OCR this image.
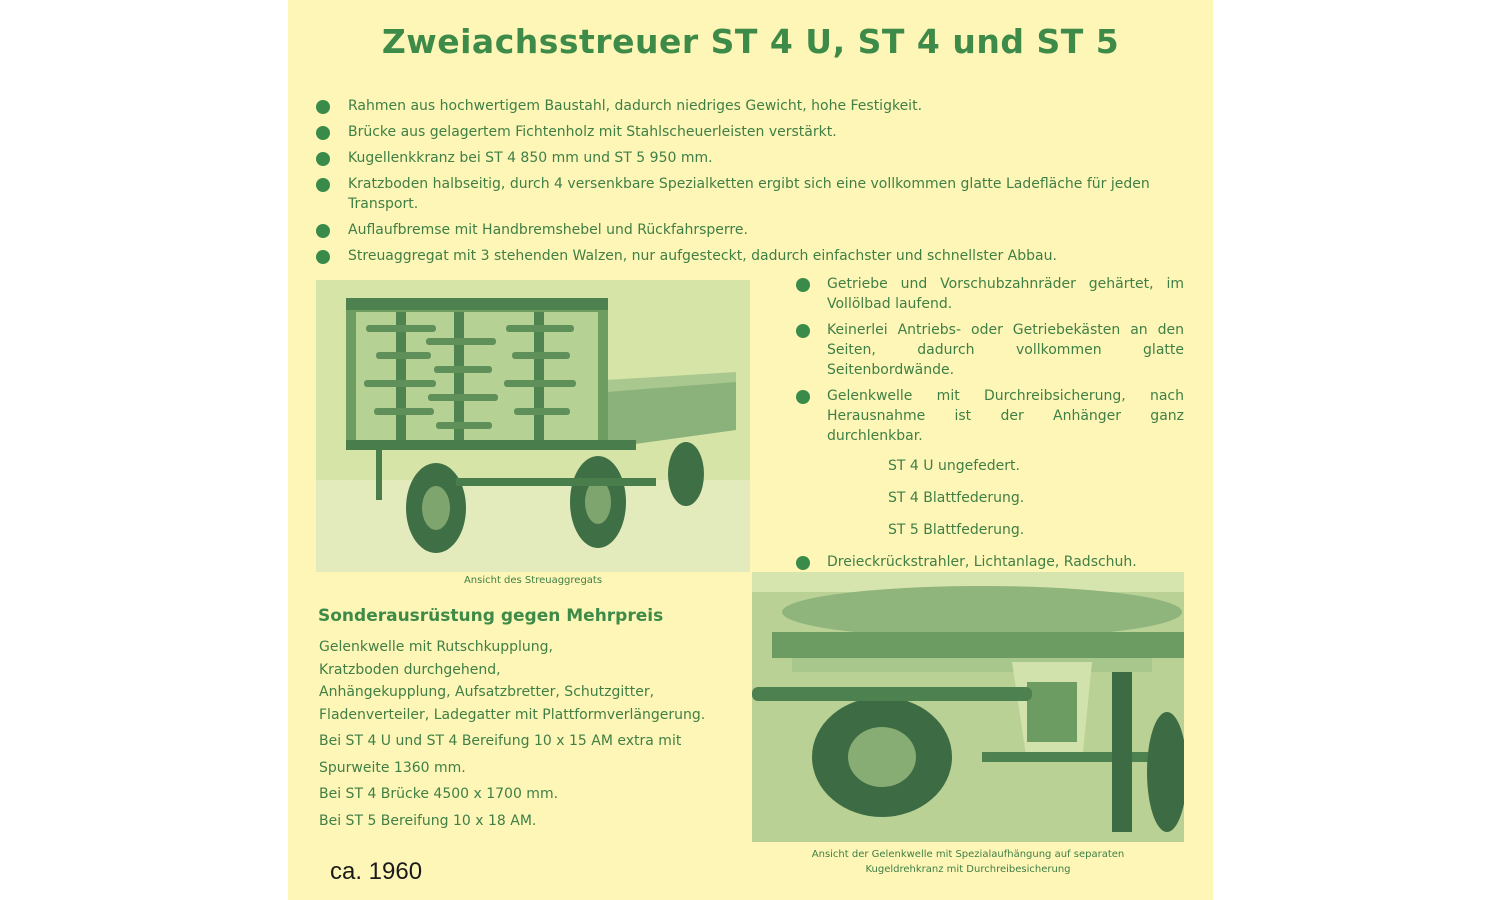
Zweiachsstreuer ST 4 U, ST 4 und ST 5
Rahmen aus hochwertigem Baustahl, dadurch niedriges Gewicht, hohe Festigkeit.
Brücke aus gelagertem Fichtenholz mit Stahlscheuerleisten verstärkt.
Kugellenkkranz bei ST 4 850 mm und ST 5 950 mm.
Kratzboden halbseitig, durch 4 versenkbare Spezialketten ergibt sich eine vollkommen glatte Ladefläche für jeden Transport.
Auflaufbremse mit Handbremshebel und Rückfahrsperre.
Streuaggregat mit 3 stehenden Walzen, nur aufgesteckt, dadurch einfachster und schnellster Abbau.
Ansicht des Streuaggregats
Getriebe und Vorschubzahnräder gehärtet, im Vollölbad laufend.
Keinerlei Antriebs- oder Getriebekästen an den Seiten, dadurch vollkommen glatte Seitenbordwände.
Gelenkwelle mit Durchreibsicherung, nach Herausnahme ist der Anhänger ganz durchlenkbar.
ST 4 U ungefedert.
ST 4 Blattfederung.
ST 5 Blattfederung.
Dreieckrückstrahler, Lichtanlage, Radschuh.
Ansicht der Gelenkwelle mit Spezialaufhängung auf separaten
Kugeldrehkranz mit Durchreibesicherung
Sonderausrüstung gegen Mehrpreis
Gelenkwelle mit Rutschkupplung,
Kratzboden durchgehend,
Anhängekupplung, Aufsatzbretter, Schutzgitter,
Fladenverteiler, Ladegatter mit Plattformverlängerung.
Bei ST 4 U und ST 4 Bereifung 10 x 15 AM extra mit
Spurweite 1360 mm.
Bei ST 4 Brücke 4500 x 1700 mm.
Bei ST 5 Bereifung 10 x 18 AM.
ca. 1960
